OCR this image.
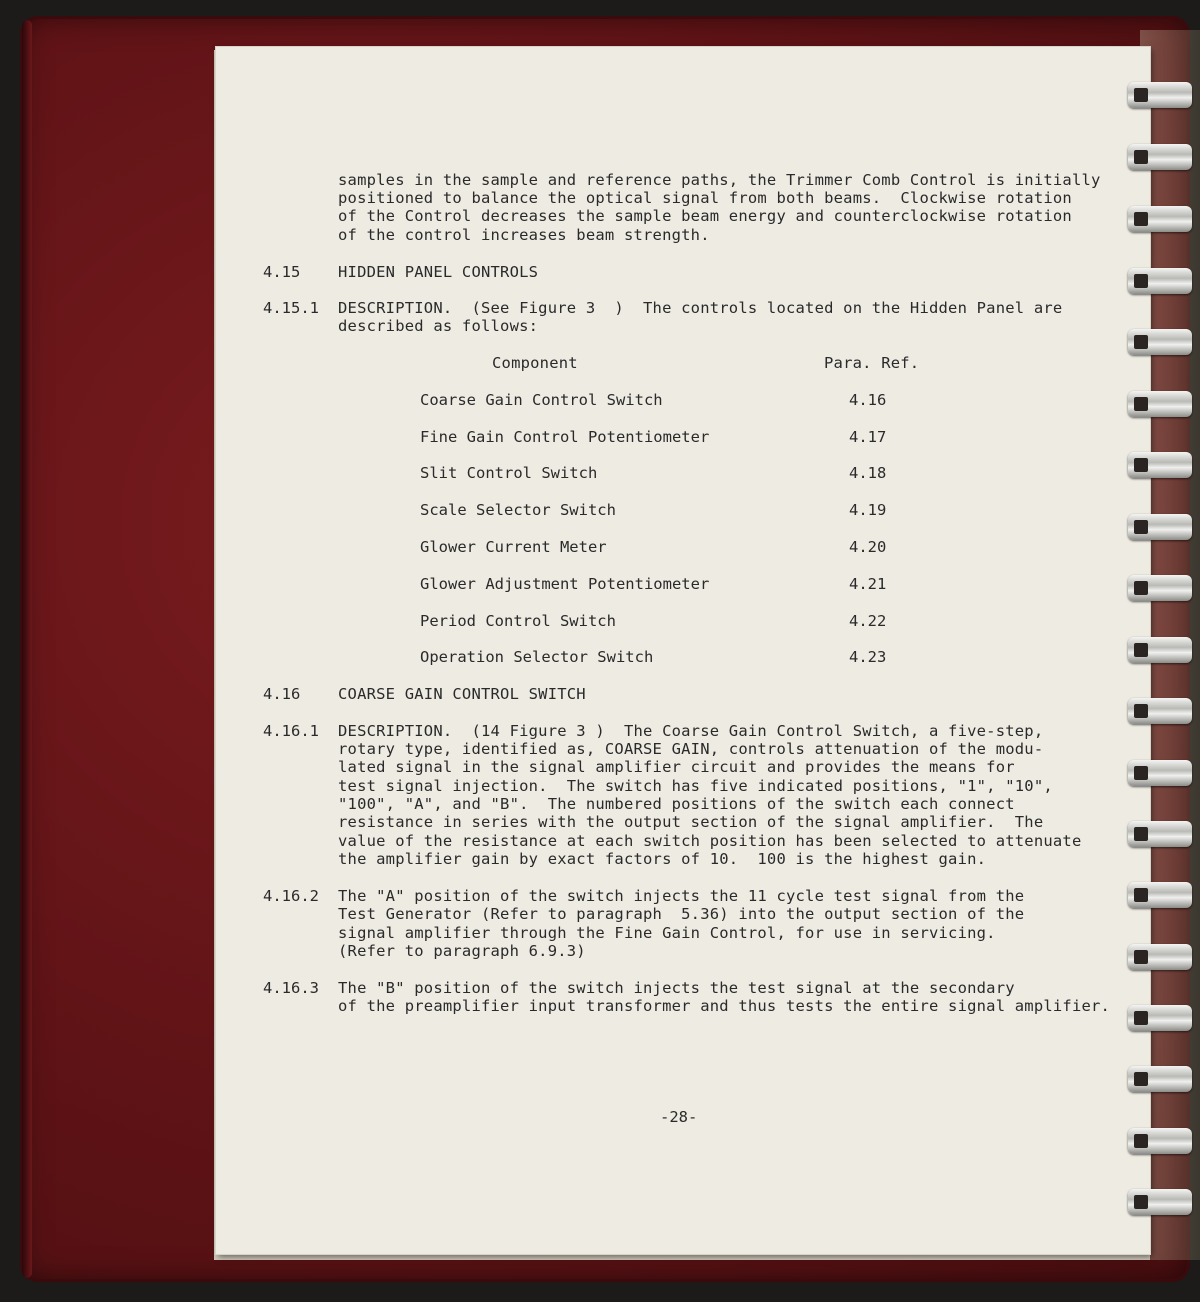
samples in the sample and reference paths, the Trimmer Comb Control is initially
positioned to balance the optical signal from both beams.  Clockwise rotation
of the Control decreases the sample beam energy and counterclockwise rotation
of the control increases beam strength.
4.15 HIDDEN PANEL CONTROLS
4.15.1 DESCRIPTION.  (See Figure 3  )  The controls located on the Hidden Panel are
described as follows:
Component	Para. Ref.
Coarse Gain Control Switch	4.16
Fine Gain Control Potentiometer	4.17
Slit Control Switch	4.18
Scale Selector Switch	4.19
Glower Current Meter	4.20
Glower Adjustment Potentiometer	4.21
Period Control Switch	4.22
Operation Selector Switch	4.23
4.16 COARSE GAIN CONTROL SWITCH
4.16.1 DESCRIPTION.  (14 Figure 3 )  The Coarse Gain Control Switch, a five-step,
rotary type, identified as, COARSE GAIN, controls attenuation of the modu-
lated signal in the signal amplifier circuit and provides the means for
test signal injection.  The switch has five indicated positions, "1", "10",
"100", "A", and "B".  The numbered positions of the switch each connect
resistance in series with the output section of the signal amplifier.  The
value of the resistance at each switch position has been selected to attenuate
the amplifier gain by exact factors of 10.  100 is the highest gain.
4.16.2 The "A" position of the switch injects the 11 cycle test signal from the
Test Generator (Refer to paragraph  5.36) into the output section of the
signal amplifier through the Fine Gain Control, for use in servicing.
(Refer to paragraph 6.9.3)
4.16.3 The "B" position of the switch injects the test signal at the secondary
of the preamplifier input transformer and thus tests the entire signal amplifier.
-28-
